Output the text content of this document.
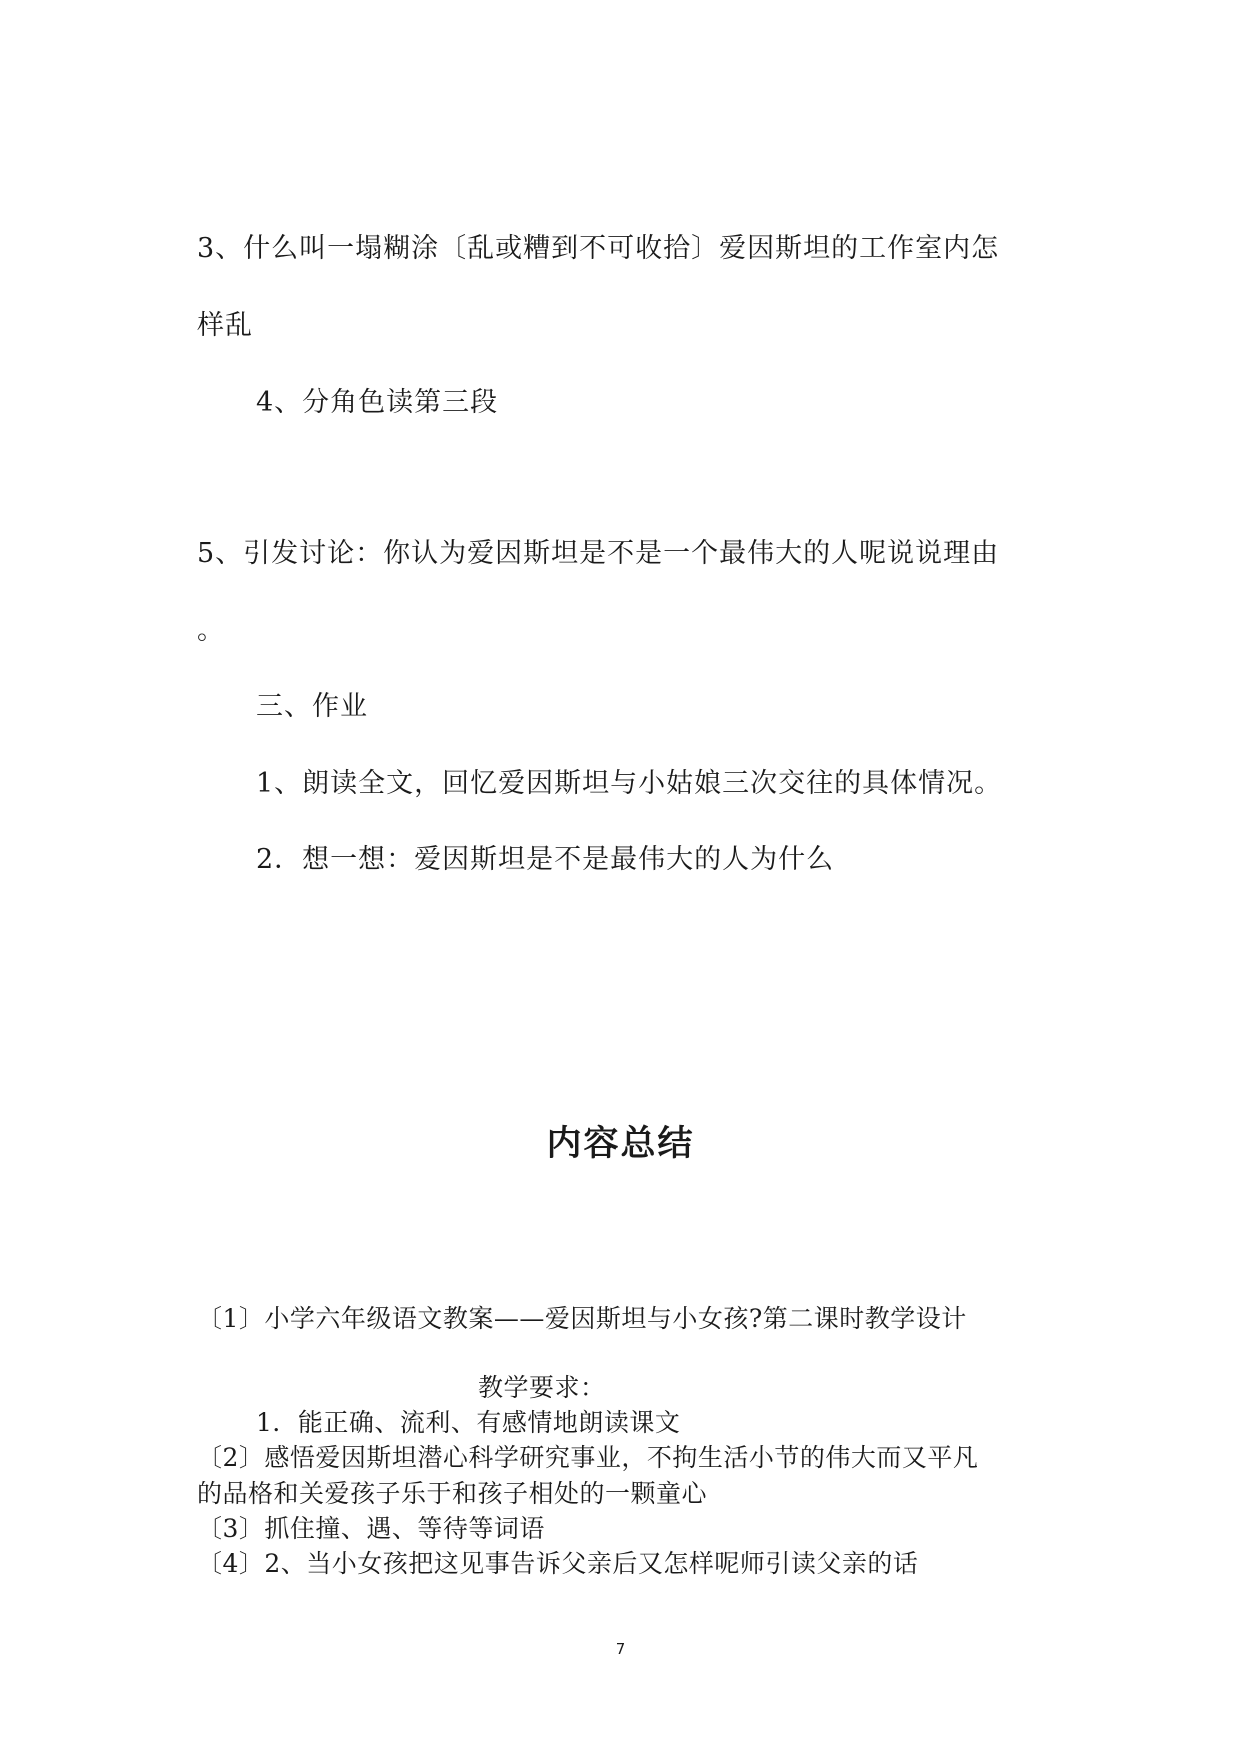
3、什么叫一塌糊涂〔乱或糟到不可收拾〕爱因斯坦的工作室内怎
样乱
4、分角色读第三段
5、引发讨论：你认为爱因斯坦是不是一个最伟大的人呢说说理由
。
三、作业
1、朗读全文，回忆爱因斯坦与小姑娘三次交往的具体情况。
2．想一想：爱因斯坦是不是最伟大的人为什么
内容总结
〔1〕小学六年级语文教案——爱因斯坦与小女孩?第二课时教学设计
教学要求：
1．能正确、流利、有感情地朗读课文
〔2〕感悟爱因斯坦潜心科学研究事业，不拘生活小节的伟大而又平凡
的品格和关爱孩子乐于和孩子相处的一颗童心
〔3〕抓住撞、遇、等待等词语
〔4〕2、当小女孩把这见事告诉父亲后又怎样呢师引读父亲的话
7
